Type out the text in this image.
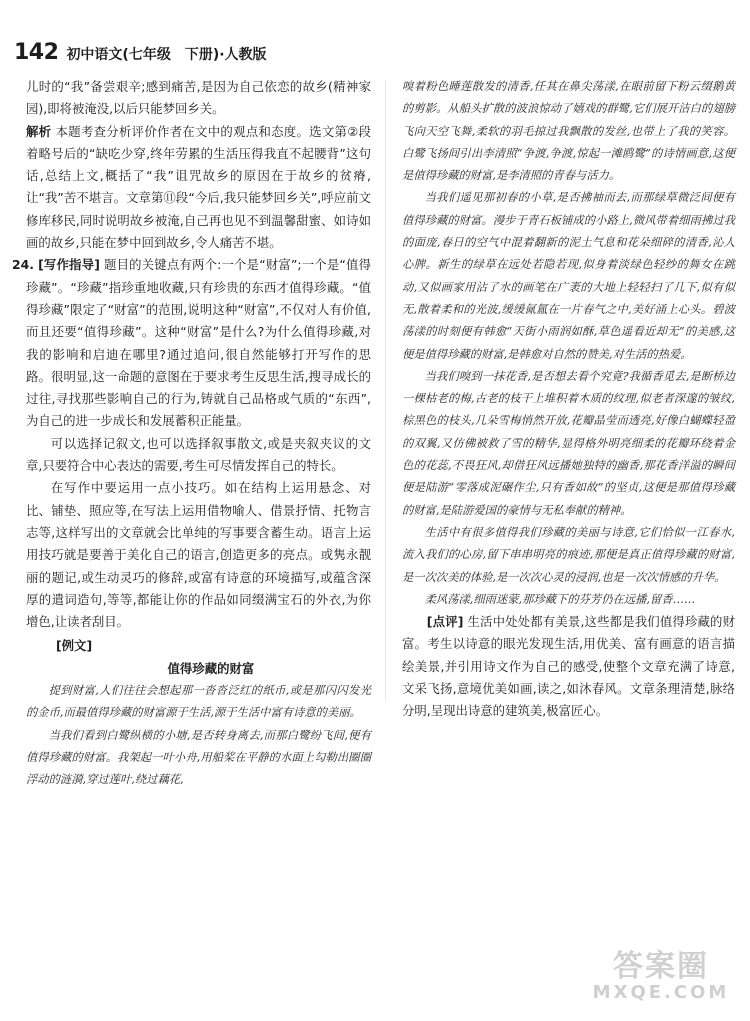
142 初中语文(七年级　下册)·人教版

儿时的“我”备尝艰辛;感到痛苦,是因为自己依恋的故乡(精神家园),即将被淹没,以后只能梦回乡关。

解析 本题考查分析评价作者在文中的观点和态度。选文第②段着略号后的“缺吃少穿,终年劳累的生活压得我直不起腰背”这句话,总结上文,概括了“我”诅咒故乡的原因在于故乡的贫瘠,让“我”苦不堪言。文章第⑪段“今后,我只能梦回乡关”,呼应前文修库移民,同时说明故乡被淹,自己再也见不到温馨甜蜜、如诗如画的故乡,只能在梦中回到故乡,令人痛苦不堪。

24. [写作指导] 题目的关键点有两个:一个是“财富”;一个是“值得珍藏”。“珍藏”指珍重地收藏,只有珍贵的东西才值得珍藏。“值得珍藏”限定了“财富”的范围,说明这种“财富”,不仅对人有价值,而且还要“值得珍藏”。这种“财富”是什么?为什么值得珍藏,对我的影响和启迪在哪里?通过追问,很自然能够打开写作的思路。很明显,这一命题的意图在于要求考生反思生活,搜寻成长的过往,寻找那些影响自己的行为,铸就自己品格或气质的“东西”,为自己的进一步成长和发展蓄积正能量。

可以选择记叙文,也可以选择叙事散文,或是夹叙夹议的文章,只要符合中心表达的需要,考生可尽情发挥自己的特长。

在写作中要运用一点小技巧。如在结构上运用悬念、对比、铺垫、照应等,在写法上运用借物喻人、借景抒情、托物言志等,这样写出的文章就会比单纯的写事要含蓄生动。语言上运用技巧就是要善于美化自己的语言,创造更多的亮点。或隽永靓丽的题记,或生动灵巧的修辞,或富有诗意的环境描写,或蕴含深厚的遣词造句,等等,都能让你的作品如同缀满宝石的外衣,为你增色,让读者刮目。

[例文]

值得珍藏的财富

提到财富,人们往往会想起那一沓沓泛红的纸币,或是那闪闪发光的金币,而最值得珍藏的财富源于生活,源于生活中富有诗意的美丽。

当我们看到白鹭纵横的小塘,是否转身离去,而那白鹭纷飞间,便有值得珍藏的财富。我架起一叶小舟,用船桨在平静的水面上勾勒出圈圈浮动的涟漪,穿过莲叶,绕过藕花,

嗅着粉色睡莲散发的清香,任其在鼻尖荡漾,在眼前留下粉云缀鹅黄的剪影。从船头扩散的波浪惊动了嬉戏的群鹭,它们展开洁白的翅膀飞向天空飞舞,柔软的羽毛掠过我飘散的发丝,也带上了我的笑容。白鹭飞扬间引出李清照“争渡,争渡,惊起一滩鸥鹭”的诗情画意,这便是值得珍藏的财富,是李清照的青春与活力。

当我们遥见那初春的小草,是否拂袖而去,而那绿草微泛间便有值得珍藏的财富。漫步于青石板铺成的小路上,微风带着细雨拂过我的面庞,春日的空气中混着翻新的泥土气息和花朵细碎的清香,沁人心脾。新生的绿草在远处若隐若现,似身着淡绿色轻纱的舞女在跳动,又似画家用沾了水的画笔在广袤的大地上轻轻扫了几下,似有似无,散着柔和的光波,缓缓氤氲在一片春气之中,美好涌上心头。碧波荡漾的时刻便有韩愈“天街小雨润如酥,草色遥看近却无”的美感,这便是值得珍藏的财富,是韩愈对自然的赞美,对生活的热爱。

当我们嗅到一抹花香,是否想去看个究竟?我循香觅去,是断桥边一棵枯老的梅,古老的枝干上堆积着木质的纹理,似老者深邃的皱纹,棕黑色的枝头,几朵雪梅悄然开放,花瓣晶莹而透亮,好像白蝴蝶轻盈的双翼,又仿佛被救了雪的精华,显得格外明亮细柔的花瓣环绕着金色的花蕊,不畏狂风,却借狂风远播她独特的幽香,那花香洋溢的瞬间便是陆游“零落成泥碾作尘,只有香如故”的坚贞,这便是那值得珍藏的财富,是陆游爱国的豪情与无私奉献的精神。

生活中有很多值得我们珍藏的美丽与诗意,它们恰似一江春水,流入我们的心房,留下串串明亮的痕迹,那便是真正值得珍藏的财富,是一次次美的体验,是一次次心灵的浸润,也是一次次情感的升华。

柔风荡漾,细雨迷蒙,那珍藏下的芬芳仍在远播,留香……

[点评] 生活中处处都有美景,这些都是我们值得珍藏的财富。考生以诗意的眼光发现生活,用优美、富有画意的语言描绘美景,并引用诗文作为自己的感受,使整个文章充满了诗意,文采飞扬,意境优美如画,读之,如沐春风。文章条理清楚,脉络分明,呈现出诗意的建筑美,极富匠心。

答案圈
MXQE.COM
